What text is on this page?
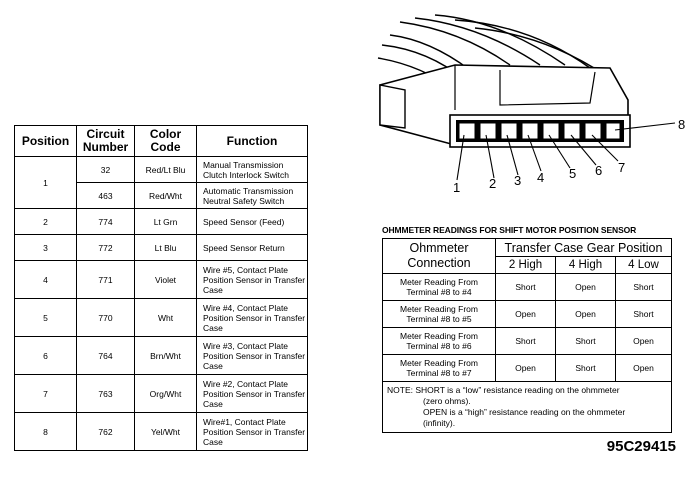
1 2 3 4 5 6 7
8
Position	Circuit Number	Color Code	Function
1	32	Red/Lt Blu	Manual Transmission Clutch Interlock Switch
	463	Red/Wht	Automatic Transmission Neutral Safety Switch
2	774	Lt Grn	Speed Sensor (Feed)
3	772	Lt Blu	Speed Sensor Return
4	771	Violet	Wire #5, Contact Plate Position Sensor in Transfer Case
5	770	Wht	Wire #4, Contact Plate Position Sensor in Transfer Case
6	764	Brn/Wht	Wire #3, Contact Plate Position Sensor in Transfer Case
7	763	Org/Wht	Wire #2, Contact Plate Position Sensor in Transfer Case
8	762	Yel/Wht	Wire#1, Contact Plate Position Sensor in Transfer Case
OHMMETER READINGS FOR SHIFT MOTOR POSITION SENSOR
Ohmmeter Connection	Transfer Case Gear Position		
	2 High	4 High	4 Low
Meter Reading From Terminal #8 to #4	Short	Open	Short
Meter Reading From Terminal #8 to #5	Open	Open	Short
Meter Reading From Terminal #8 to #6	Short	Short	Open
Meter Reading From Terminal #8 to #7	Open	Short	Open

NOTE: SHORT is a “low” resistance reading on the ohmmeter
(zero ohms).
OPEN is a “high” resistance reading on the ohmmeter
(infinity).			
95C29415
